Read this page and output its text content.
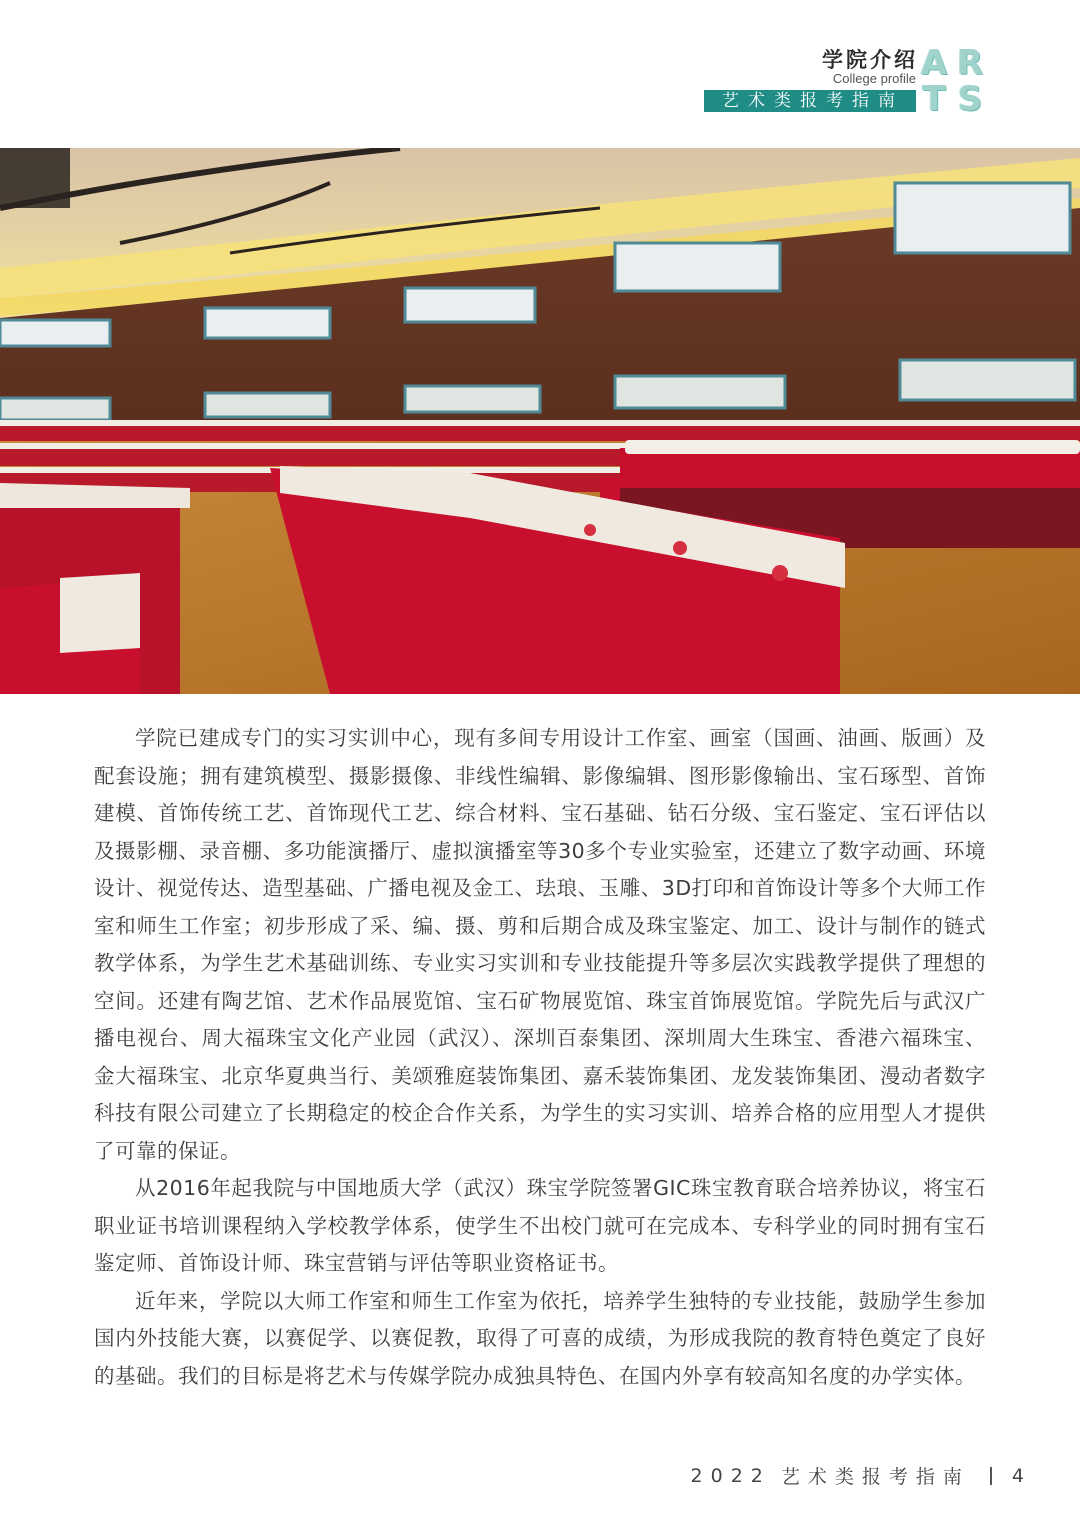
学院介绍
College profile
艺术类报考指南
A R
T S

学院已建成专门的实习实训中心，现有多间专用设计工作室、画室（国画、油画、版画）及配套设施；拥有建筑模型、摄影摄像、非线性编辑、影像编辑、图形影像输出、宝石琢型、首饰建模、首饰传统工艺、首饰现代工艺、综合材料、宝石基础、钻石分级、宝石鉴定、宝石评估以及摄影棚、录音棚、多功能演播厅、虚拟演播室等30多个专业实验室，还建立了数字动画、环境设计、视觉传达、造型基础、广播电视及金工、珐琅、玉雕、3D打印和首饰设计等多个大师工作室和师生工作室；初步形成了采、编、摄、剪和后期合成及珠宝鉴定、加工、设计与制作的链式教学体系，为学生艺术基础训练、专业实习实训和专业技能提升等多层次实践教学提供了理想的空间。还建有陶艺馆、艺术作品展览馆、宝石矿物展览馆、珠宝首饰展览馆。学院先后与武汉广播电视台、周大福珠宝文化产业园（武汉）、深圳百泰集团、深圳周大生珠宝、香港六福珠宝、金大福珠宝、北京华夏典当行、美颂雅庭装饰集团、嘉禾装饰集团、龙发装饰集团、漫动者数字科技有限公司建立了长期稳定的校企合作关系，为学生的实习实训、培养合格的应用型人才提供了可靠的保证。

从2016年起我院与中国地质大学（武汉）珠宝学院签署GIC珠宝教育联合培养协议，将宝石职业证书培训课程纳入学校教学体系，使学生不出校门就可在完成本、专科学业的同时拥有宝石鉴定师、首饰设计师、珠宝营销与评估等职业资格证书。

近年来，学院以大师工作室和师生工作室为依托，培养学生独特的专业技能，鼓励学生参加国内外技能大赛，以赛促学、以赛促教，取得了可喜的成绩，为形成我院的教育特色奠定了良好的基础。我们的目标是将艺术与传媒学院办成独具特色、在国内外享有较高知名度的办学实体。

2022 艺术类报考指南 4
